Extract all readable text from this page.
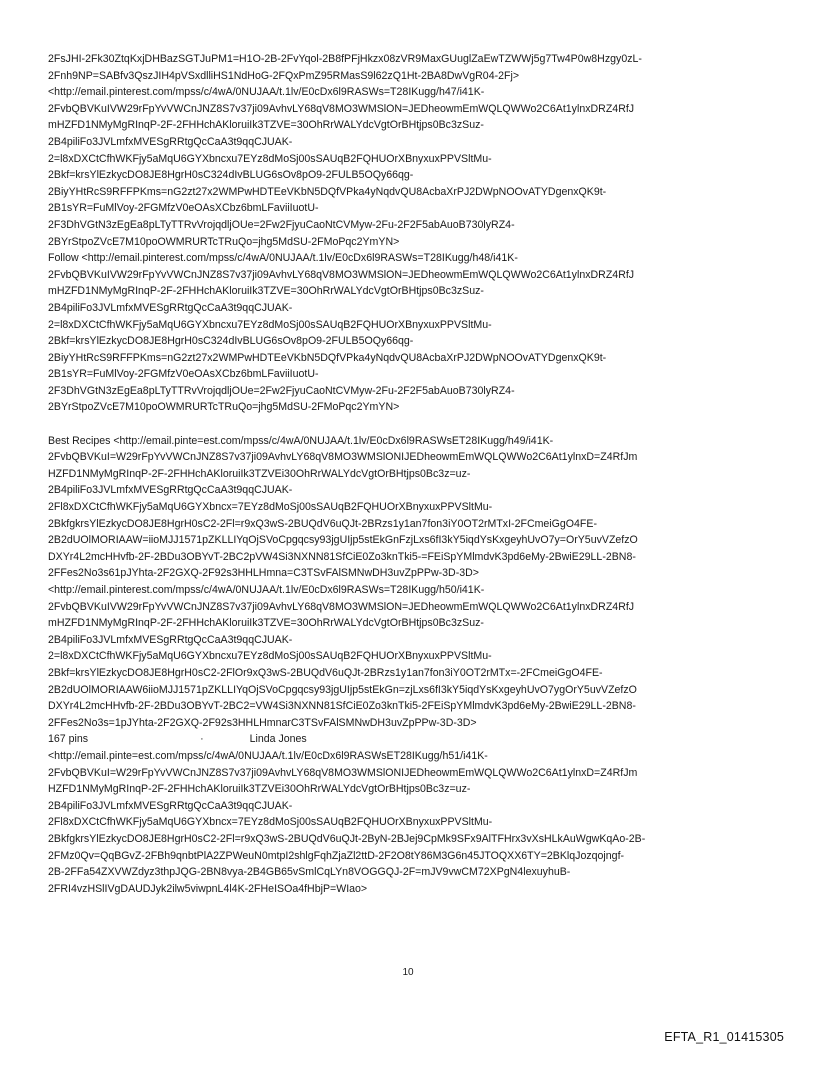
2FsJHI-2Fk30ZtqKxjDHBazSGTJuPM1=H1O-2B-2FvYqol-2B8fPFjHkzx08zVR9MaxGUuglZaEwTZWWj5g7Tw4P0w8Hzgy0zL-
2Fnh9NP=SABfv3QszJIH4pVSxdlliHS1NdHoG-2FQxPmZ95RMasS9l62zQ1Ht-2BA8DwVgR04-2Fj>
<http://email.pinterest.com/mpss/c/4wA/0NUJAA/t.1lv/E0cDx6l9RASWs=T28IKugg/h47/i41K-
2FvbQBVKuIVW29rFpYvVWCnJNZ8S7v37ji09AvhvLY68qV8MO3WMSlON=JEDheowmEmWQLQWWo2C6At1ylnxDRZ4RfJ
mHZFD1NMyMgRInqP-2F-2FHHchAKloruiIk3TZVE=30OhRrWALYdcVgtOrBHtjps0Bc3zSuz-
2B4piliFo3JVLmfxMVESgRRtgQcCaA3t9qqCJUAK-
2=l8xDXCtCfhWKFjy5aMqU6GYXbncxu7EYz8dMoSj00sSAUqB2FQHUOrXBnyxuxPPVSltMu-
2Bkf=krsYlEzkycDO8JE8HgrH0sC324dIvBLUG6sOv8pO9-2FULB5OQy66qg-
2BiyYHtRcS9RFFPKms=nG2zt27x2WMPwHDTEeVKbN5DQfVPka4yNqdvQU8AcbaXrPJ2DWpNOOvATYDgenxQK9t-
2B1sYR=FuMlVoy-2FGMfzV0eOAsXCbz6bmLFaviiIuotU-
2F3DhVGtN3zEgEa8pLTyTTRvVrojqdljOUe=2Fw2FjyuCaoNtCVMyw-2Fu-2F2F5abAuoB730lyRZ4-
2BYrStpoZVcE7M10poOWMRURTcTRuQo=jhg5MdSU-2FMoPqc2YmYN>
Follow <http://email.pinterest.com/mpss/c/4wA/0NUJAA/t.1lv/E0cDx6l9RASWs=T28IKugg/h48/i41K-
2FvbQBVKuIVW29rFpYvVWCnJNZ8S7v37ji09AvhvLY68qV8MO3WMSlON=JEDheowmEmWQLQWWo2C6At1ylnxDRZ4RfJ
mHZFD1NMyMgRInqP-2F-2FHHchAKloruiIk3TZVE=30OhRrWALYdcVgtOrBHtjps0Bc3zSuz-
2B4piliFo3JVLmfxMVESgRRtgQcCaA3t9qqCJUAK-
2=l8xDXCtCfhWKFjy5aMqU6GYXbncxu7EYz8dMoSj00sSAUqB2FQHUOrXBnyxuxPPVSltMu-
2Bkf=krsYlEzkycDO8JE8HgrH0sC324dIvBLUG6sOv8pO9-2FULB5OQy66qg-
2BiyYHtRcS9RFFPKms=nG2zt27x2WMPwHDTEeVKbN5DQfVPka4yNqdvQU8AcbaXrPJ2DWpNOOvATYDgenxQK9t-
2B1sYR=FuMlVoy-2FGMfzV0eOAsXCbz6bmLFaviiIuotU-
2F3DhVGtN3zEgEa8pLTyTTRvVrojqdljOUe=2Fw2FjyuCaoNtCVMyw-2Fu-2F2F5abAuoB730lyRZ4-
2BYrStpoZVcE7M10poOWMRURTcTRuQo=jhg5MdSU-2FMoPqc2YmYN>
Best Recipes <http://email.pinte=est.com/mpss/c/4wA/0NUJAA/t.1lv/E0cDx6l9RASWsET28IKugg/h49/i41K-
2FvbQBVKuI=W29rFpYvVWCnJNZ8S7v37ji09AvhvLY68qV8MO3WMSlONIJEDheowmEmWQLQWWo2C6At1ylnxD=Z4RfJm
HZFD1NMyMgRInqP-2F-2FHHchAKloruiIk3TZVEi30OhRrWALYdcVgtOrBHtjps0Bc3z=uz-
2B4piliFo3JVLmfxMVESgRRtgQcCaA3t9qqCJUAK-
2Fl8xDXCtCfhWKFjy5aMqU6GYXbncx=7EYz8dMoSj00sSAUqB2FQHUOrXBnyxuxPPVSltMu-
2BkfgkrsYlEzkycDO8JE8HgrH0sC2-2Fl=r9xQ3wS-2BUQdV6uQJt-2BRzs1y1an7fon3iY0OT2rMTxI-2FCmeiGgO4FE-
2B2dUOlMORIAAW=iioMJJ1571pZKLLIYqOjSVoCpgqcsy93jgUIjp5stEkGnFzjLxs6fI3kY5iqdYsKxgeyhUvO7y=OrY5uvVZefzO
DXYr4L2mcHHvfb-2F-2BDu3OBYvT-2BC2pVW4Si3NXNN81SfCiE0Zo3knTki5-=FEiSpYMlmdvK3pd6eMy-2BwiE29LL-2BN8-
2FFes2No3s61pJYhta-2F2GXQ-2F92s3HHLHmna=C3TSvFAlSMNwDH3uvZpPPw-3D-3D>
<http://email.pinterest.com/mpss/c/4wA/0NUJAA/t.1lv/E0cDx6l9RASWs=T28IKugg/h50/i41K-
2FvbQBVKuIVW29rFpYvVWCnJNZ8S7v37ji09AvhvLY68qV8MO3WMSlON=JEDheowmEmWQLQWWo2C6At1ylnxDRZ4RfJ
mHZFD1NMyMgRInqP-2F-2FHHchAKloruiIk3TZVE=30OhRrWALYdcVgtOrBHtjps0Bc3zSuz-
2B4piliFo3JVLmfxMVESgRRtgQcCaA3t9qqCJUAK-
2=l8xDXCtCfhWKFjy5aMqU6GYXbncxu7EYz8dMoSj00sSAUqB2FQHUOrXBnyxuxPPVSltMu-
2Bkf=krsYlEzkycDO8JE8HgrH0sC2-2FlOr9xQ3wS-2BUQdV6uQJt-2BRzs1y1an7fon3iY0OT2rMTx=-2FCmeiGgO4FE-
2B2dUOlMORIAAW6iioMJJ1571pZKLLIYqOjSVoCpgqcsy93jgUIjp5stEkGn=zjLxs6fI3kY5iqdYsKxgeyhUvO7ygOrY5uvVZefzO
DXYr4L2mcHHvfb-2F-2BDu3OBYvT-2BC2=VW4Si3NXNN81SfCiE0Zo3knTki5-2FEiSpYMlmdvK3pd6eMy-2BwiE29LL-2BN8-
2FFes2No3s=1pJYhta-2F2GXQ-2F92s3HHLHmnarC3TSvFAlSMNwDH3uvZpPPw-3D-3D>
167 pins	·	Linda Jones
<http://email.pinte=est.com/mpss/c/4wA/0NUJAA/t.1lv/E0cDx6l9RASWsET28IKugg/h51/i41K-
2FvbQBVKuI=W29rFpYvVWCnJNZ8S7v37ji09AvhvLY68qV8MO3WMSlONIJEDheowmEmWQLQWWo2C6At1ylnxD=Z4RfJm
HZFD1NMyMgRInqP-2F-2FHHchAKloruiIk3TZVEi30OhRrWALYdcVgtOrBHtjps0Bc3z=uz-
2B4piliFo3JVLmfxMVESgRRtgQcCaA3t9qqCJUAK-
2Fl8xDXCtCfhWKFjy5aMqU6GYXbncx=7EYz8dMoSj00sSAUqB2FQHUOrXBnyxuxPPVSltMu-
2BkfgkrsYlEzkycDO8JE8HgrH0sC2-2Fl=r9xQ3wS-2BUQdV6uQJt-2ByN-2BJej9CpMk9SFx9AlTFHrx3vXsHLkAuWgwKqAo-2B-
2FMz0Qv=QqBGvZ-2FBh9qnbtPlA2ZPWeuN0mtpI2shlgFqhZjaZl2ttD-2F2O8tY86M3G6n45JTOQXX6TY=2BKlqJozqojngf-
2B-2FFa54ZXVWZdyz3thpJQG-2BN8vya-2B4GB65vSmlCqLYn8VOGGQJ-2F=mJV9vwCM72XPgN4lexuyhuB-
2FRI4vzHSlIVgDAUDJyk2ilw5viwpnL4l4K-2FHeISOa4fHbjP=WIao>
10
EFTA_R1_01415305
